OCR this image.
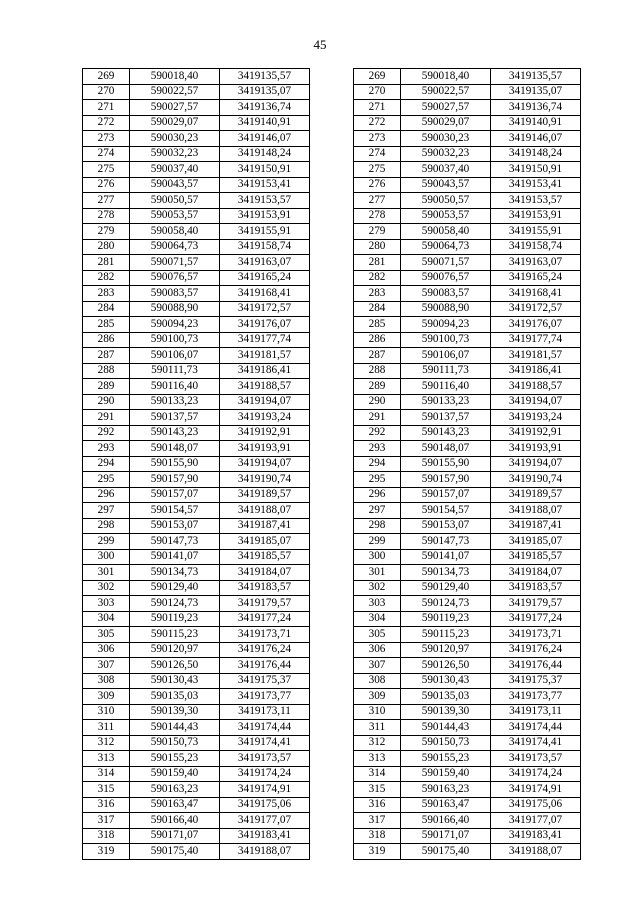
45
269	590018,40	3419135,57		269	590018,40	3419135,57
270	590022,57	3419135,07		270	590022,57	3419135,07
271	590027,57	3419136,74		271	590027,57	3419136,74
272	590029,07	3419140,91		272	590029,07	3419140,91
273	590030,23	3419146,07		273	590030,23	3419146,07
274	590032,23	3419148,24		274	590032,23	3419148,24
275	590037,40	3419150,91		275	590037,40	3419150,91
276	590043,57	3419153,41		276	590043,57	3419153,41
277	590050,57	3419153,57		277	590050,57	3419153,57
278	590053,57	3419153,91		278	590053,57	3419153,91
279	590058,40	3419155,91		279	590058,40	3419155,91
280	590064,73	3419158,74		280	590064,73	3419158,74
281	590071,57	3419163,07		281	590071,57	3419163,07
282	590076,57	3419165,24		282	590076,57	3419165,24
283	590083,57	3419168,41		283	590083,57	3419168,41
284	590088,90	3419172,57		284	590088,90	3419172,57
285	590094,23	3419176,07		285	590094,23	3419176,07
286	590100,73	3419177,74		286	590100,73	3419177,74
287	590106,07	3419181,57		287	590106,07	3419181,57
288	590111,73	3419186,41		288	590111,73	3419186,41
289	590116,40	3419188,57		289	590116,40	3419188,57
290	590133,23	3419194,07		290	590133,23	3419194,07
291	590137,57	3419193,24		291	590137,57	3419193,24
292	590143,23	3419192,91		292	590143,23	3419192,91
293	590148,07	3419193,91		293	590148,07	3419193,91
294	590155,90	3419194,07		294	590155,90	3419194,07
295	590157,90	3419190,74		295	590157,90	3419190,74
296	590157,07	3419189,57		296	590157,07	3419189,57
297	590154,57	3419188,07		297	590154,57	3419188,07
298	590153,07	3419187,41		298	590153,07	3419187,41
299	590147,73	3419185,07		299	590147,73	3419185,07
300	590141,07	3419185,57		300	590141,07	3419185,57
301	590134,73	3419184,07		301	590134,73	3419184,07
302	590129,40	3419183,57		302	590129,40	3419183,57
303	590124,73	3419179,57		303	590124,73	3419179,57
304	590119,23	3419177,24		304	590119,23	3419177,24
305	590115,23	3419173,71		305	590115,23	3419173,71
306	590120,97	3419176,24		306	590120,97	3419176,24
307	590126,50	3419176,44		307	590126,50	3419176,44
308	590130,43	3419175,37		308	590130,43	3419175,37
309	590135,03	3419173,77		309	590135,03	3419173,77
310	590139,30	3419173,11		310	590139,30	3419173,11
311	590144,43	3419174,44		311	590144,43	3419174,44
312	590150,73	3419174,41		312	590150,73	3419174,41
313	590155,23	3419173,57		313	590155,23	3419173,57
314	590159,40	3419174,24		314	590159,40	3419174,24
315	590163,23	3419174,91		315	590163,23	3419174,91
316	590163,47	3419175,06		316	590163,47	3419175,06
317	590166,40	3419177,07		317	590166,40	3419177,07
318	590171,07	3419183,41		318	590171,07	3419183,41
319	590175,40	3419188,07		319	590175,40	3419188,07
